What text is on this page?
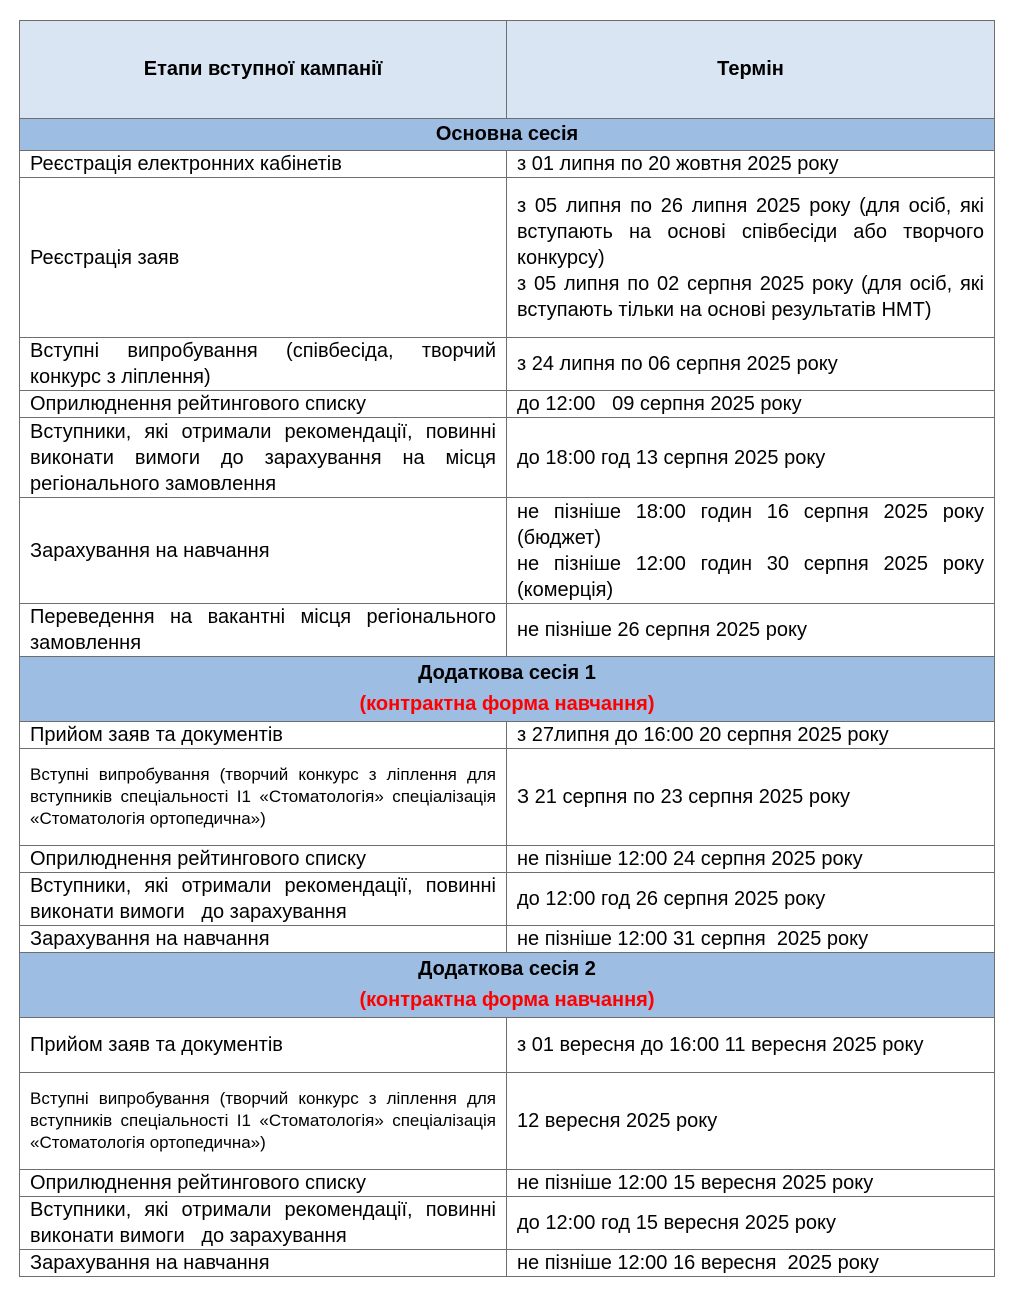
Етапи вступної кампанії	Термін

Основна сесія	

Реєстрація електронних кабінетів	з 01 липня по 20 жовтня 2025 року

Реєстрація заяв	з 05 липня по 26 липня 2025 року (для осіб, які вступають на основі співбесіди або творчого конкурсу)
з 05 липня по 02 серпня 2025 року (для осіб, які вступають тільки на основі результатів НМТ)

Вступні випробування (співбесіда, творчий конкурс з ліплення)	з 24 липня по 06 серпня 2025 року

Оприлюднення рейтингового списку	до 12:00   09 серпня 2025 року

Вступники, які отримали рекомендації, повинні виконати вимоги до зарахування на місця регіонального замовлення	до 18:00 год 13 серпня 2025 року

Зарахування на навчання	не пізніше 18:00 годин 16 серпня 2025 року (бюджет)
не пізніше 12:00 годин 30 серпня 2025 року (комерція)

Переведення на вакантні місця регіонального замовлення	не пізніше 26 серпня 2025 року

Додаткова сесія 1
(контрактна форма навчання)	

Прийом заяв та документів	з 27липня до 16:00 20 серпня 2025 року

Вступні випробування (творчий конкурс з ліплення для вступників спеціальності I1 «Стоматологія» спеціалізація «Стоматологія ортопедична»)	З 21 серпня по 23 серпня 2025 року

Оприлюднення рейтингового списку	не пізніше 12:00 24 серпня 2025 року

Вступники, які отримали рекомендації, повинні виконати вимоги   до зарахування	до 12:00 год 26 серпня 2025 року

Зарахування на навчання	не пізніше 12:00 31 серпня  2025 року

Додаткова сесія 2
(контрактна форма навчання)	

Прийом заяв та документів	з 01 вересня до 16:00 11 вересня 2025 року

Вступні випробування (творчий конкурс з ліплення для вступників спеціальності I1 «Стоматологія» спеціалізація «Стоматологія ортопедична»)	12 вересня 2025 року

Оприлюднення рейтингового списку	не пізніше 12:00 15 вересня 2025 року

Вступники, які отримали рекомендації, повинні виконати вимоги   до зарахування	до 12:00 год 15 вересня 2025 року

Зарахування на навчання	не пізніше 12:00 16 вересня  2025 року
